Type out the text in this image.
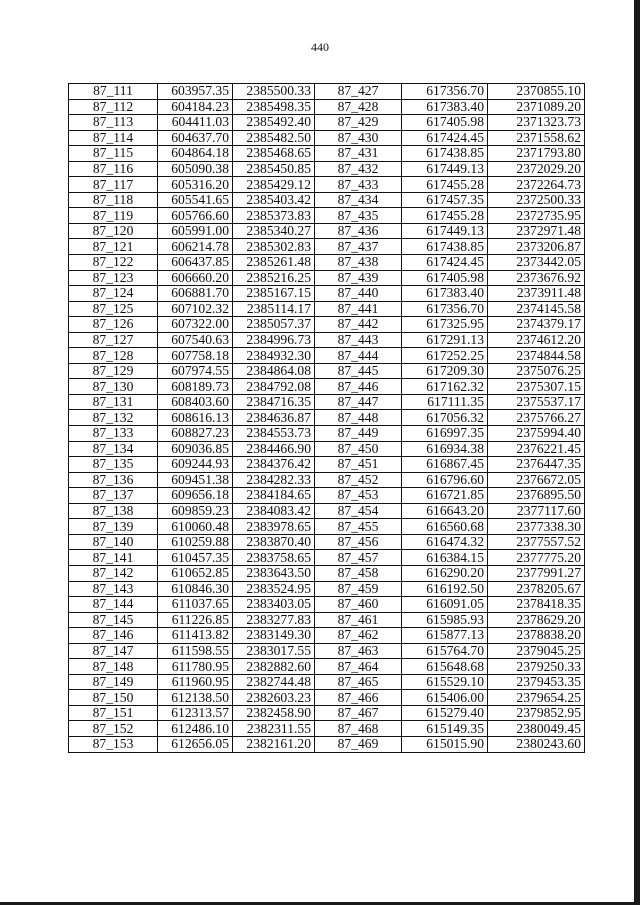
440
87_111	603957.35	2385500.33	87_427	617356.70	2370855.10
87_112	604184.23	2385498.35	87_428	617383.40	2371089.20
87_113	604411.03	2385492.40	87_429	617405.98	2371323.73
87_114	604637.70	2385482.50	87_430	617424.45	2371558.62
87_115	604864.18	2385468.65	87_431	617438.85	2371793.80
87_116	605090.38	2385450.85	87_432	617449.13	2372029.20
87_117	605316.20	2385429.12	87_433	617455.28	2372264.73
87_118	605541.65	2385403.42	87_434	617457.35	2372500.33
87_119	605766.60	2385373.83	87_435	617455.28	2372735.95
87_120	605991.00	2385340.27	87_436	617449.13	2372971.48
87_121	606214.78	2385302.83	87_437	617438.85	2373206.87
87_122	606437.85	2385261.48	87_438	617424.45	2373442.05
87_123	606660.20	2385216.25	87_439	617405.98	2373676.92
87_124	606881.70	2385167.15	87_440	617383.40	2373911.48
87_125	607102.32	2385114.17	87_441	617356.70	2374145.58
87_126	607322.00	2385057.37	87_442	617325.95	2374379.17
87_127	607540.63	2384996.73	87_443	617291.13	2374612.20
87_128	607758.18	2384932.30	87_444	617252.25	2374844.58
87_129	607974.55	2384864.08	87_445	617209.30	2375076.25
87_130	608189.73	2384792.08	87_446	617162.32	2375307.15
87_131	608403.60	2384716.35	87_447	617111.35	2375537.17
87_132	608616.13	2384636.87	87_448	617056.32	2375766.27
87_133	608827.23	2384553.73	87_449	616997.35	2375994.40
87_134	609036.85	2384466.90	87_450	616934.38	2376221.45
87_135	609244.93	2384376.42	87_451	616867.45	2376447.35
87_136	609451.38	2384282.33	87_452	616796.60	2376672.05
87_137	609656.18	2384184.65	87_453	616721.85	2376895.50
87_138	609859.23	2384083.42	87_454	616643.20	2377117.60
87_139	610060.48	2383978.65	87_455	616560.68	2377338.30
87_140	610259.88	2383870.40	87_456	616474.32	2377557.52
87_141	610457.35	2383758.65	87_457	616384.15	2377775.20
87_142	610652.85	2383643.50	87_458	616290.20	2377991.27
87_143	610846.30	2383524.95	87_459	616192.50	2378205.67
87_144	611037.65	2383403.05	87_460	616091.05	2378418.35
87_145	611226.85	2383277.83	87_461	615985.93	2378629.20
87_146	611413.82	2383149.30	87_462	615877.13	2378838.20
87_147	611598.55	2383017.55	87_463	615764.70	2379045.25
87_148	611780.95	2382882.60	87_464	615648.68	2379250.33
87_149	611960.95	2382744.48	87_465	615529.10	2379453.35
87_150	612138.50	2382603.23	87_466	615406.00	2379654.25
87_151	612313.57	2382458.90	87_467	615279.40	2379852.95
87_152	612486.10	2382311.55	87_468	615149.35	2380049.45
87_153	612656.05	2382161.20	87_469	615015.90	2380243.60
